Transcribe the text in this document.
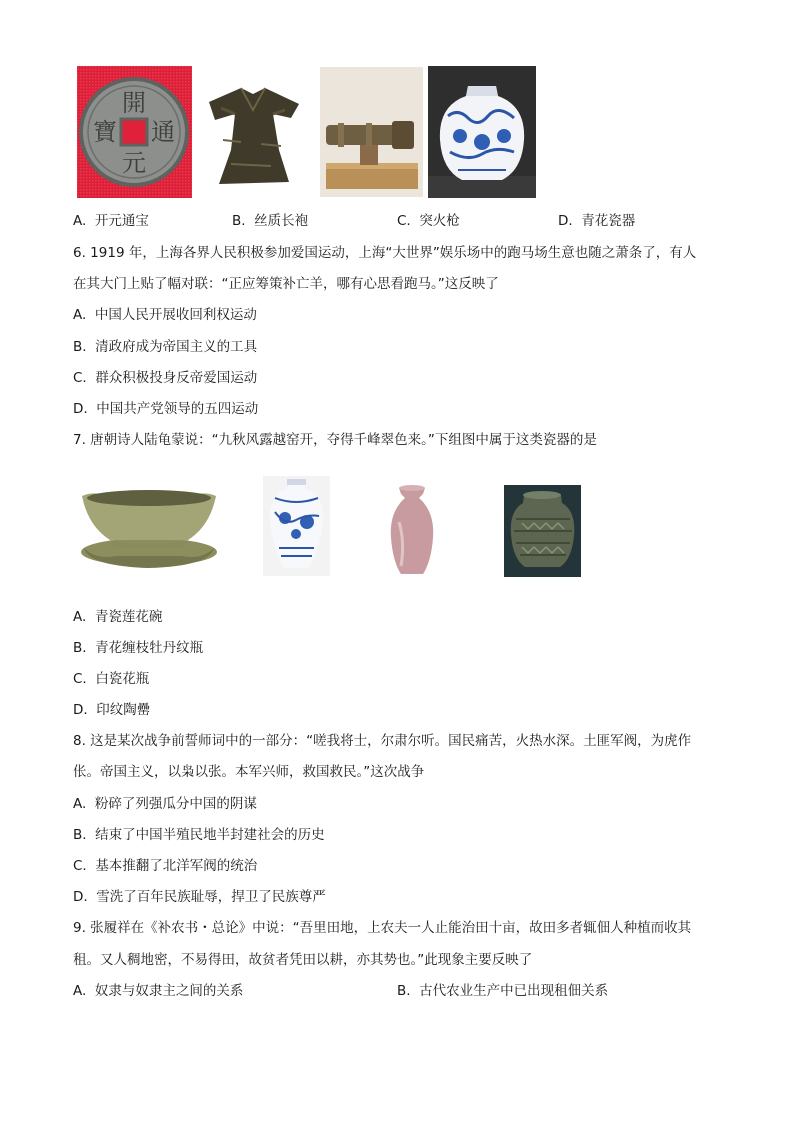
開
通
元
寶
A. 开元通宝	B. 丝质长袍	C. 突火枪	D. 青花瓷器
6. 1919 年，上海各界人民积极参加爱国运动，上海“大世界”娱乐场中的跑马场生意也随之萧条了，有人
在其大门上贴了幅对联：“正应筹策补亡羊，哪有心思看跑马。”这反映了
A. 中国人民开展收回利权运动
B. 清政府成为帝国主义的工具
C. 群众积极投身反帝爱国运动
D. 中国共产党领导的五四运动
7. 唐朝诗人陆龟蒙说：“九秋风露越窑开，夺得千峰翠色来。”下组图中属于这类瓷器的是
A. 青瓷莲花碗
B. 青花缠枝牡丹纹瓶
C. 白瓷花瓶
D. 印纹陶罍
8. 这是某次战争前誓师词中的一部分：“嗟我将士，尔肃尔听。国民痛苦，火热水深。土匪军阀，为虎作
伥。帝国主义，以枭以张。本军兴师，救国救民。”这次战争
A. 粉碎了列强瓜分中国的阴谋
B. 结束了中国半殖民地半封建社会的历史
C. 基本推翻了北洋军阀的统治
D. 雪洗了百年民族耻辱，捍卫了民族尊严
9. 张履祥在《补农书・总论》中说：“吾里田地，上农夫一人止能治田十亩，故田多者辄佃人种植而收其
租。又人稠地密，不易得田，故贫者凭田以耕，亦其势也。”此现象主要反映了
A. 奴隶与奴隶主之间的关系	B. 古代农业生产中已出现租佃关系
